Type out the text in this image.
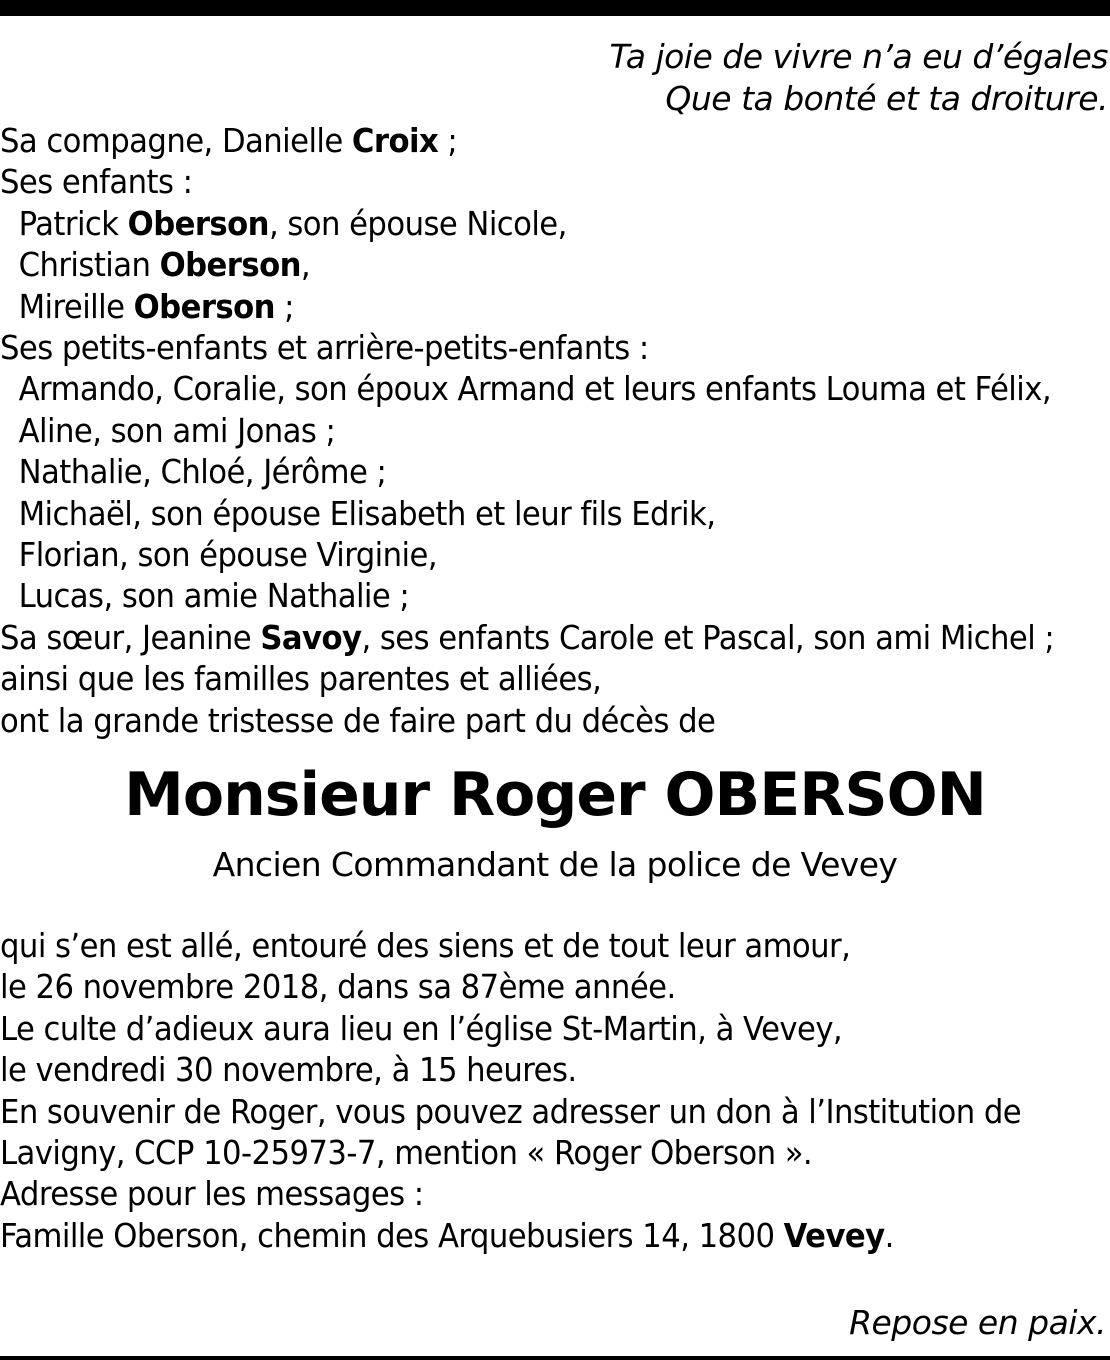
Ta joie de vivre n’a eu d’égales
Que ta bonté et ta droiture.
Sa compagne, Danielle Croix ;
Ses enfants :
Patrick Oberson, son épouse Nicole,
Christian Oberson,
Mireille Oberson ;
Ses petits-enfants et arrière-petits-enfants :
Armando, Coralie, son époux Armand et leurs enfants Louma et Félix,
Aline, son ami Jonas ;
Nathalie, Chloé, Jérôme ;
Michaël, son épouse Elisabeth et leur fils Edrik,
Florian, son épouse Virginie,
Lucas, son amie Nathalie ;
Sa sœur, Jeanine Savoy, ses enfants Carole et Pascal, son ami Michel ;
ainsi que les familles parentes et alliées,
ont la grande tristesse de faire part du décès de
Monsieur Roger OBERSON
Ancien Commandant de la police de Vevey
qui s’en est allé, entouré des siens et de tout leur amour,
le 26 novembre 2018, dans sa 87ème année.
Le culte d’adieux aura lieu en l’église St-Martin, à Vevey,
le vendredi 30 novembre, à 15 heures.
En souvenir de Roger, vous pouvez adresser un don à l’Institution de
Lavigny, CCP 10-25973-7, mention « Roger Oberson ».
Adresse pour les messages :
Famille Oberson, chemin des Arquebusiers 14, 1800 Vevey.
Repose en paix.
